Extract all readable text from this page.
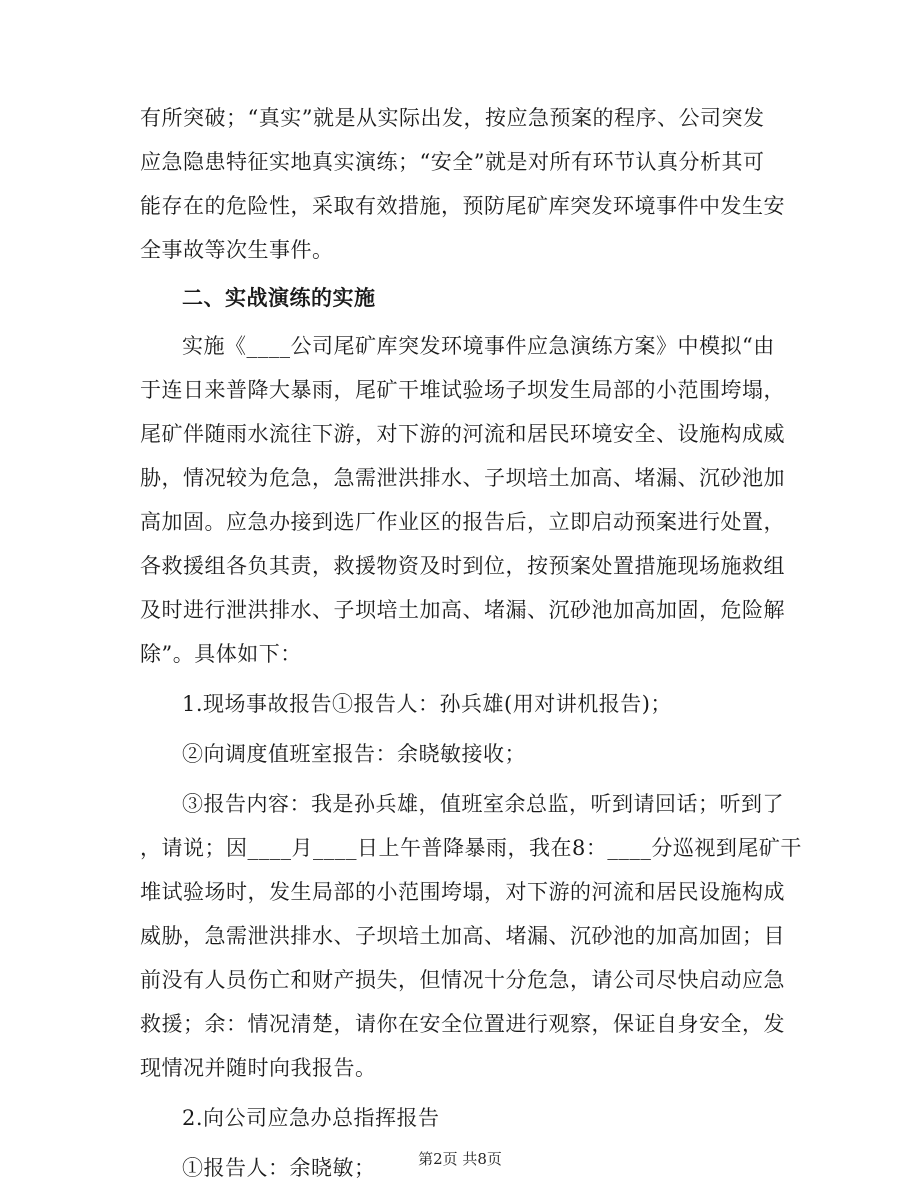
有所突破；“真实”就是从实际出发，按应急预案的程序、公司突发
应急隐患特征实地真实演练；“安全”就是对所有环节认真分析其可
能存在的危险性，采取有效措施，预防尾矿库突发环境事件中发生安
全事故等次生事件。

二、实战演练的实施

实施《____公司尾矿库突发环境事件应急演练方案》中模拟“由
于连日来普降大暴雨，尾矿干堆试验场子坝发生局部的小范围垮塌，
尾矿伴随雨水流往下游，对下游的河流和居民环境安全、设施构成威
胁，情况较为危急，急需泄洪排水、子坝培土加高、堵漏、沉砂池加
高加固。应急办接到选厂作业区的报告后，立即启动预案进行处置，
各救援组各负其责，救援物资及时到位，按预案处置措施现场施救组
及时进行泄洪排水、子坝培土加高、堵漏、沉砂池加高加固，危险解
除”。具体如下：

1.现场事故报告①报告人：孙兵雄(用对讲机报告)；

②向调度值班室报告：余晓敏接收；

③报告内容：我是孙兵雄，值班室余总监，听到请回话；听到了
，请说；因____月____日上午普降暴雨，我在8：____分巡视到尾矿干
堆试验场时，发生局部的小范围垮塌，对下游的河流和居民设施构成
威胁，急需泄洪排水、子坝培土加高、堵漏、沉砂池的加高加固；目
前没有人员伤亡和财产损失，但情况十分危急，请公司尽快启动应急
救援；余：情况清楚，请你在安全位置进行观察，保证自身安全，发
现情况并随时向我报告。

2.向公司应急办总指挥报告

①报告人：余晓敏；	第2页 共8页
